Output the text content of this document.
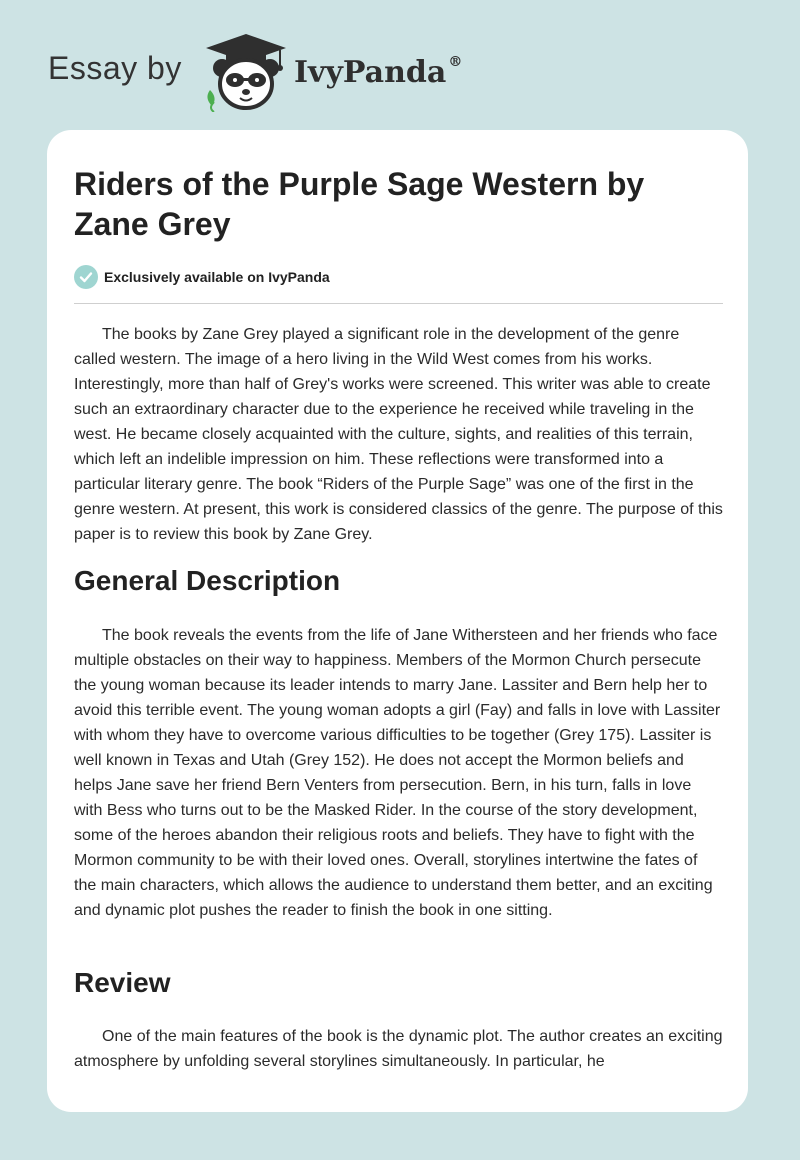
Essay by	IvyPanda ®
Riders of the Purple Sage Western by Zane Grey
Exclusively available on IvyPanda

The books by Zane Grey played a significant role in the development of the genre called western. The image of a hero living in the Wild West comes from his works. Interestingly, more than half of Grey's works were screened. This writer was able to create such an extraordinary character due to the experience he received while traveling in the west. He became closely acquainted with the culture, sights, and realities of this terrain, which left an indelible impression on him. These reflections were transformed into a particular literary genre. The book “Riders of the Purple Sage” was one of the first in the genre western. At present, this work is considered classics of the genre. The purpose of this paper is to review this book by Zane Grey.

General Description

The book reveals the events from the life of Jane Withersteen and her friends who face multiple obstacles on their way to happiness. Members of the Mormon Church persecute the young woman because its leader intends to marry Jane. Lassiter and Bern help her to avoid this terrible event. The young woman adopts a girl (Fay) and falls in love with Lassiter with whom they have to overcome various difficulties to be together (Grey 175). Lassiter is well known in Texas and Utah (Grey 152). He does not accept the Mormon beliefs and helps Jane save her friend Bern Venters from persecution. Bern, in his turn, falls in love with Bess who turns out to be the Masked Rider. In the course of the story development, some of the heroes abandon their religious roots and beliefs. They have to fight with the Mormon community to be with their loved ones. Overall, storylines intertwine the fates of the main characters, which allows the audience to understand them better, and an exciting and dynamic plot pushes the reader to finish the book in one sitting.

Review

One of the main features of the book is the dynamic plot. The author creates an exciting atmosphere by unfolding several storylines simultaneously. In particular, he
